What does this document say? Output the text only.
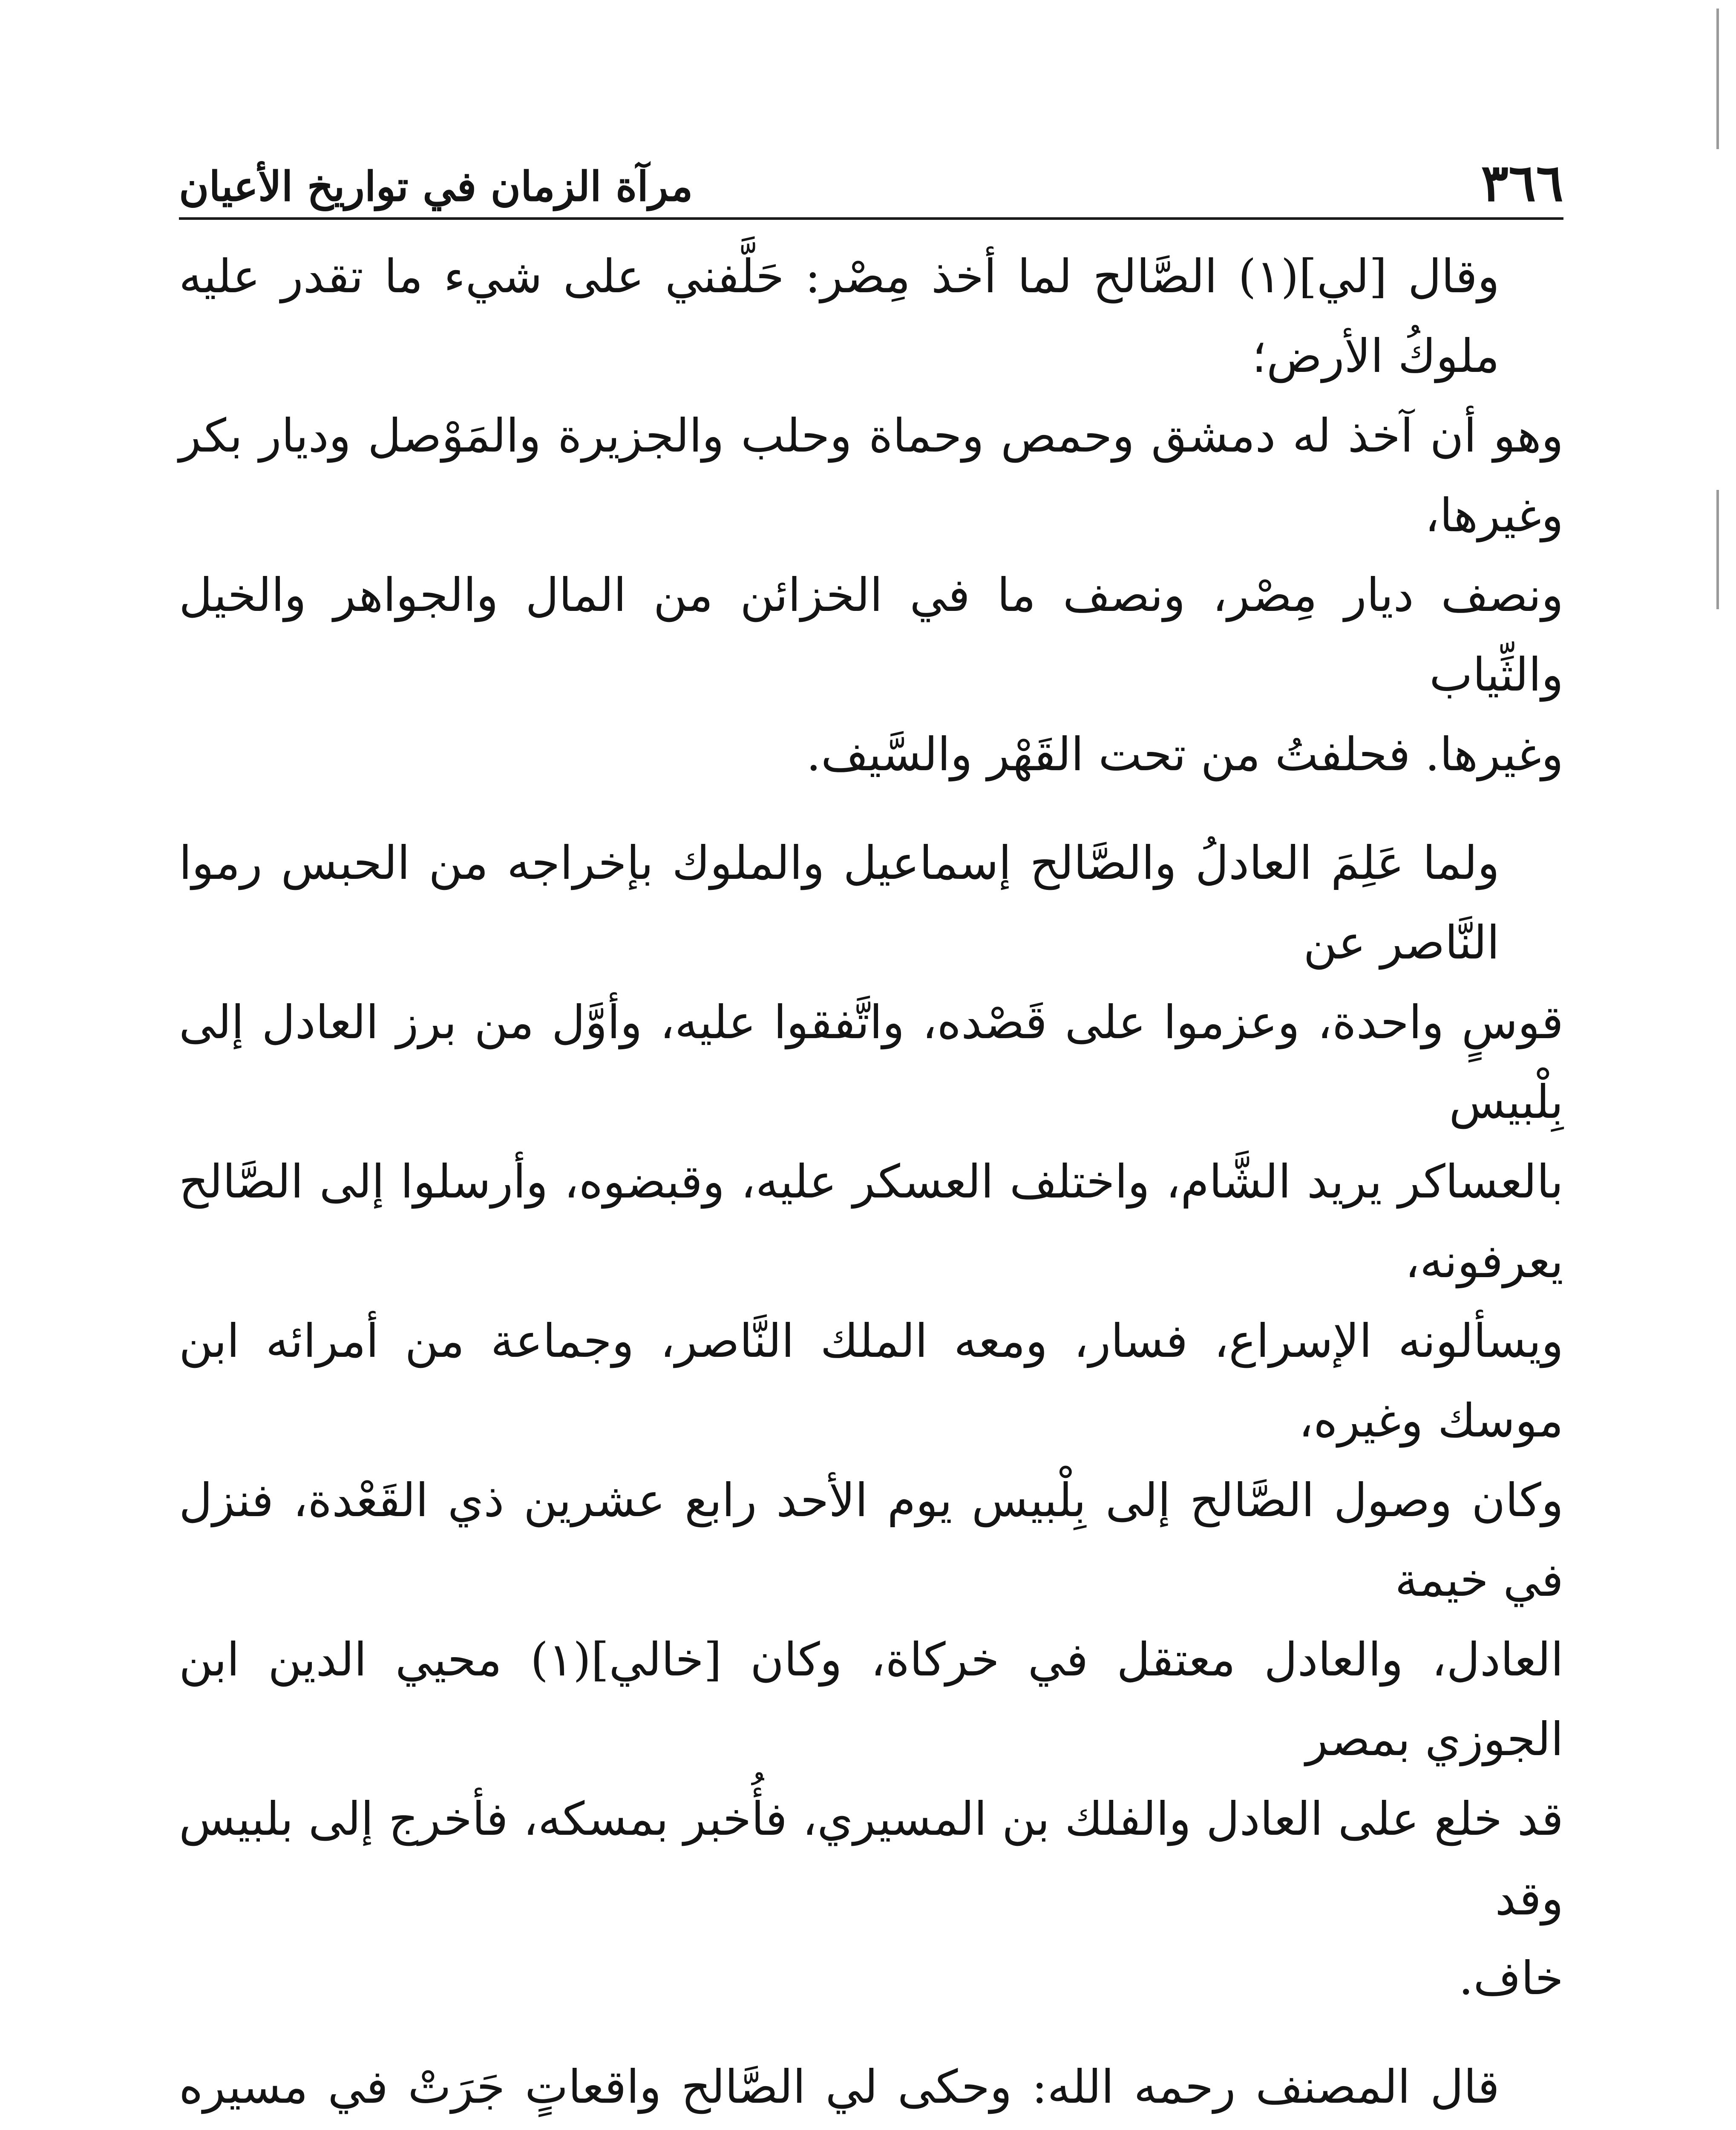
٣٦٦
مرآة الزمان في تواريخ الأعيان

وقال [لي](١) الصَّالح لما أخذ مِصْر: حَلَّفني على شيء ما تقدر عليه ملوكُ الأرض؛
وهو أن آخذ له دمشق وحمص وحماة وحلب والجزيرة والمَوْصل وديار بكر وغيرها،
ونصف ديار مِصْر، ونصف ما في الخزائن من المال والجواهر والخيل والثِّياب
وغيرها. فحلفتُ من تحت القَهْر والسَّيف.

ولما عَلِمَ العادلُ والصَّالح إسماعيل والملوك بإخراجه من الحبس رموا النَّاصر عن
قوسٍ واحدة، وعزموا على قَصْده، واتَّفقوا عليه، وأوَّل من برز العادل إلى بِلْبيس
بالعساكر يريد الشَّام، واختلف العسكر عليه، وقبضوه، وأرسلوا إلى الصَّالح يعرفونه،
ويسألونه الإسراع، فسار، ومعه الملك النَّاصر، وجماعة من أمرائه ابن موسك وغيره،
وكان وصول الصَّالح إلى بِلْبيس يوم الأحد رابع عشرين ذي القَعْدة، فنزل في خيمة
العادل، والعادل معتقل في خركاة، وكان [خالي](١) محيي الدين ابن الجوزي بمصر
قد خلع على العادل والفلك بن المسيري، فأُخبر بمسكه، فأخرج إلى بلبيس وقد
خاف.

قال المصنف رحمه الله: وحكى لي الصَّالح واقعاتٍ جَرَتْ في مسيره
